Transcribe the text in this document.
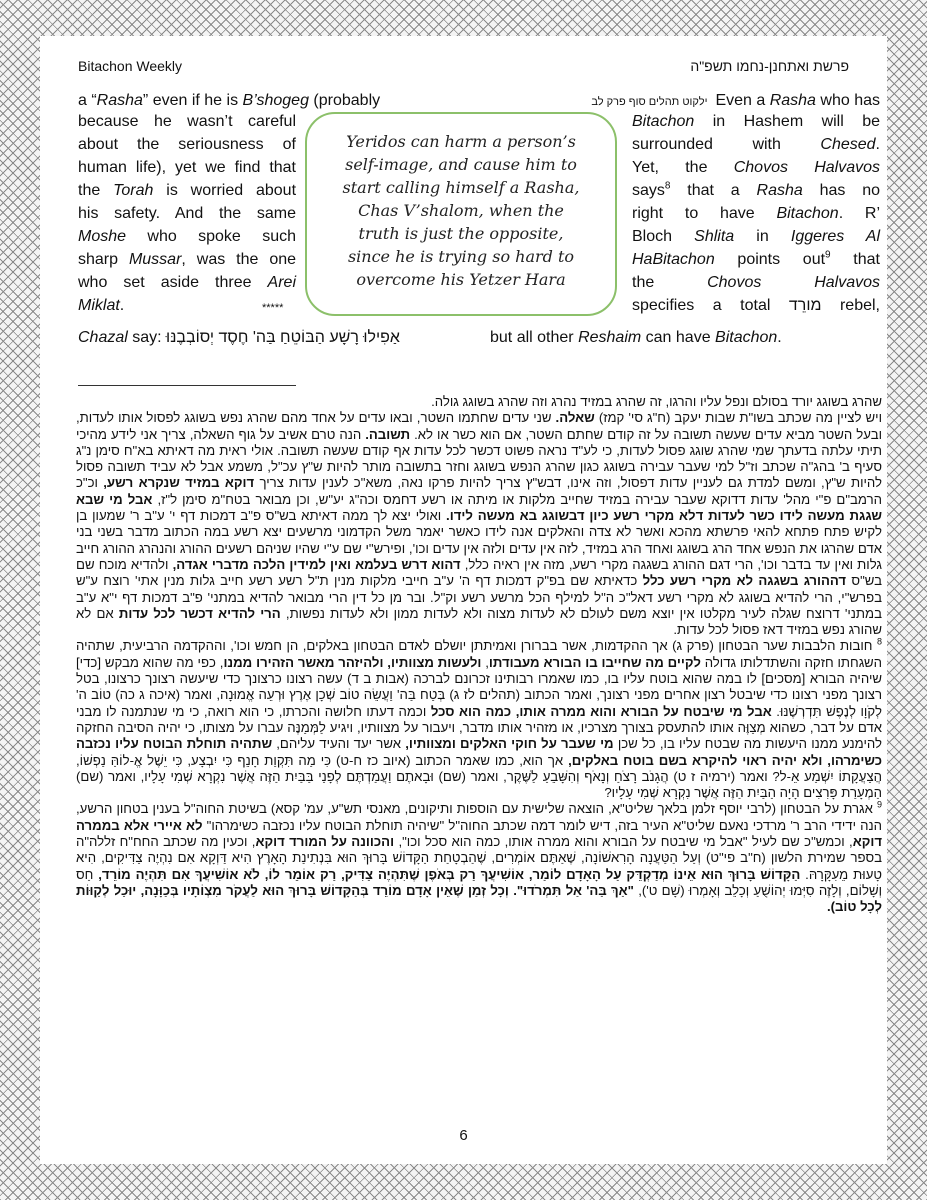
Bitachon Weekly	פרשת ואתחנן-נחמו תשפ"ה
a “Rasha” even if he is B’shogeg (probably	ילקוט תהלים סוף פרק לב Even a Rasha who has
because he wasn’t careful
about the seriousness of
human life), yet we find that
the Torah is worried about
his safety. And the same
Moshe who spoke such
sharp Mussar, was the one
who set aside three Arei
Miklat.	*****
Bitachon in Hashem will be
surrounded with Chesed.
Yet, the Chovos Halvavos
says$^8$ that a Rasha has no
right to have Bitachon. R’
Bloch Shlita in Iggeres Al
HaBitachon points out$^9$ that
the Chovos	Halvavos
specifies a total מורֵד rebel,
Yeridos can harm a person’s
self-image, and cause him to
start calling himself a Rasha,
Chas V’shalom, when the
truth is just the opposite,
since he is trying so hard to
overcome his Yetzer Hara
Chazal say: אַפִילוּ רָשָׁע הַבּוֹטֵחַ בַּה' חֶסֶד יְסוֹבְבֶנּוּ	but all other Reshaim can have Bitachon.

שהרג בשוגג יורד בסולם ונפל עליו והרגו, זה שהרג במזיד נהרג וזה שהרג בשוגג גולה.

ויש לציין מה שכתב בשו"ת שבות יעקב (ח"ג סי' קמז) שאלה. שני עדים שחתמו השטר, ובאו עדים על אחד מהם שהרג נפש בשוגג לפסול אותו לעדות, ובעל השטר מביא עדים שעשה תשובה על זה קודם שחתם השטר, אם הוא כשר או לא. תשובה. הנה טרם אשיב על גוף השאלה, צריך אני לידע מהיכי תיתי עלתה בדעתך שמי שהרג שוגג פסול לעדות, כי לע"ד נראה פשוט דכשר לכל עדות אף קודם שעשה תשובה. אולי ראית מה דאיתא בא"ח סימן נ"ג סעיף ב' בהג"ה שכתב וז"ל למי שעבר עבירה בשוגג כגון שהרג הנפש בשוגג וחזר בתשובה מותר להיות ש"ץ עכ"ל, משמע אבל לא עביד תשובה פסול להיות ש"ץ, ומשם למדת גם לעניין עדות דפסול, וזה אינו, דבש"ץ צריך להיות פרקו נאה, משא"כ לענין עדות צריך דוקא במזיד שנקרא רשע, וכ"כ הרמב"ם פ"י מהל' עדות דדוקא שעבר עבירה במזיד שחייב מלקות או מיתה או רשע דחמס וכה"ג יע"ש, וכן מבואר בטח"מ סימן ל"ז, אבל מי שבא שגגת מעשה לידו כשר לעדות דלא מקרי רשע כיון דבשוגג בא מעשה לידו. ואולי יצא לך ממה דאיתא בש"ס פ"ב דמכות דף י' ע"ב ר' שמעון בן לקיש פתח פתחא להאי פרשתא מהכא ואשר לא צדה והאלקים אנה לידו כאשר יאמר משל הקדמוני מרשעים יצא רשע במה הכתוב מדבר בשני בני אדם שהרגו את הנפש אחד הרג בשוגג ואחד הרג במזיד, לזה אין עדים ולזה אין עדים וכו', ופירש"י שם ע"י שהיו שניהם רשעים ההורג והנהרג ההורג חייב גלות ואין עד בדבר וכו', הרי דגם ההורג בשגגה מקרי רשע, מזה אין ראיה כלל, דהוא דרש בעלמא ואין למידין הלכה מדברי אגדה, ולהדיא מוכח שם בש"ס דההורג בשגגה לא מקרי רשע כלל כדאיתא שם בפ"ק דמכות דף ה' ע"ב חייבי מלקות מנין ת"ל רשע רשע חייב גלות מנין אתי' רוצח ע"ש בפרש"י, הרי להדיא בשוגג לא מקרי רשע דאל"כ ה"ל למילף הכל מרשע רשע וק"ל. ובר מן כל דין הרי מבואר להדיא במתני' פ"ב דמכות דף י"א ע"ב במתני' דרוצח שגלה לעיר מקלטו אין יוצא משם לעולם לא לעדות מצוה ולא לעדות ממון ולא לעדות נפשות, הרי להדיא דכשר לכל עדות אם לא שהורג נפש במזיד דאז פסול לכל עדות.

$^8$ חובות הלבבות שער הבטחון (פרק ג) אך ההקדמות, אשר בברורן ואמיתתן יושלם לאדם הבטחון באלקים, הן חמש וכו', וההקדמה הרביעית, שתהיה השגחתו חזקה והשתדלותו גדולה לקיים מה שחייבו בו הבורא מעבודתו, ולעשות מצוותיו, ולהיזהר מאשר הזהירו ממנו, כפי מה שהוא מבקש [כדי] שיהיה הבורא [מסכים] לו במה שהוא בוטח עליו בו, כמו שאמרו רבותינו זכרונם לברכה (אבות ב ד) עשה רצונו כרצונך כדי שיעשה רצונך כרצונו, בטל רצונך מפני רצונו כדי שיבטל רצון אחרים מפני רצונך, ואמר הכתוב (תהלים לז ג) בְּטַח בַּה' וַעֲשֵׂה טוֹב שְׁכָן אֶרֶץ וּרְעֵה אֱמוּנָה, ואמר (איכה ג כה) טוֹב ה' לְקֹוָו לְנֶפֶשׁ תִּדְרְשֶׁנּוּ. אבל מי שיבטח על הבורא והוא ממרה אותו, כמה הוא סכל וכמה דעתו חלושה והכרתו, כי הוא רואה, כי מי שנתמנה לו מבני אדם על דבר, כשהוא מְצַוֶּה אותו להתעסק בצורך מצרכיו, או מזהיר אותו מדבר, ויעבור על מצוותיו, ויגיע לַמְּמַנֶּה עברו על מצותו, כי יהיה הסיבה החזקה להימנע ממנו היעשות מה שבטח עליו בו, כל שכן מי שעבר על חוקי האלקים ומצוותיו, אשר יעד והעיד עליהם, שתהיה תוחלת הבוטח עליו נכזבה כשימרהו, ולא יהיה ראוי להיקרא בשם בוטח באלקים, אך הוא, כמו שאמר הכתוב (איוב כז ח-ט) כִּי מַה תִּקְוַת חָנֵף כִּי יִבְצָע, כִּי יֵשֶׁל אֱ-לוֹהַּ נַפְשׁוֹ, הֲצַעֲקָתוֹ יִשְׁמַע אֵ-ל? ואמר (ירמיה ז ט) הֲגָנֹב רָצֹחַ וְנָאֹף וְהִשָּׁבֵעַ לַשֶּׁקֶר, ואמר (שם) וּבָאתֶם וַעֲמַדְתֶּם לְפָנַי בַּבַּיִת הַזֶּה אֲשֶׁר נִקְרָא שְׁמִי עָלָיו, ואמר (שם) הַמְעָרַת פָּרִצִים הָיָה הַבַּיִת הַזֶּה אֲשֶׁר נִקְרָא שְׁמִי עָלָיו?

$^9$ אגרת על הבטחון (לרבי יוסף זלמן בלאך שליט"א, הוצאה שלישית עם הוספות ותיקונים, מאנסי תש"ע, עמ' קסא) בשיטת החוה"ל בענין בטחון הרשע, הנה ידידי הרב ר' מרדכי נאעם שליט"א העיר בזה, דיש לומר דמה שכתב החוה"ל "שיהיה תוחלת הבוטח עליו נכזבה כשימרהו" לא איירי אלא בממרה דוקא, וכמש"כ שם לעיל "אבל מי שיבטח על הבורא והוא ממרה אותו, כמה הוא סכל וכו", והכוונה על המורד דוקא, וכעין מה שכתב החח"ח זללה"ה בספר שמירת הלשון (ח"ב פי"ט) וְעַל הַטַּעֲנָה הָרִאשׁוֹנָה, שֶׁאַתֶּם אוֹמְרִים, שֶׁהַבְטָחַת הַקָּדוֹשׁ בָּרוּךְ הוּא בִּנְתִינַת הָאָרֶץ הִיא דַּוְקָא אִם נִהְיֶה צַדִּיקִים, הִיא טָעוּת מֵעִקָּרָהּ. הַקָּדוֹשׁ בָּרוּךְ הוּא אֵינוֹ מְדַקְדֵּק עַל הָאָדָם לוֹמַר, אוֹשִׁיעֲךָ רַק בְּאֹפֶן שֶׁתִּהְיֶה צַדִּיק, רַק אוֹמֵר לוֹ, לֹא אוֹשִׁיעֲךָ אִם תִּהְיֶה מוֹרֵד, חַס וְשָׁלוֹם, וְלָזֶה סִיְּמוּ יְהוֹשֻׁעַ וְכָלֵב וְאָמְרוּ (שָׁם ט'), "אַךְ בַּה' אַל תִּמְרֹדוּ". וְכָל זְמַן שֶׁאֵין אָדָם מוֹרֵד בְּהַקָּדוֹשׁ בָּרוּךְ הוּא לַעֲקֹר מִצְוֹתָיו בְּכַוָּנָה, יוּכַל לְקַוּוֹת לְכָל טוֹב).

6
